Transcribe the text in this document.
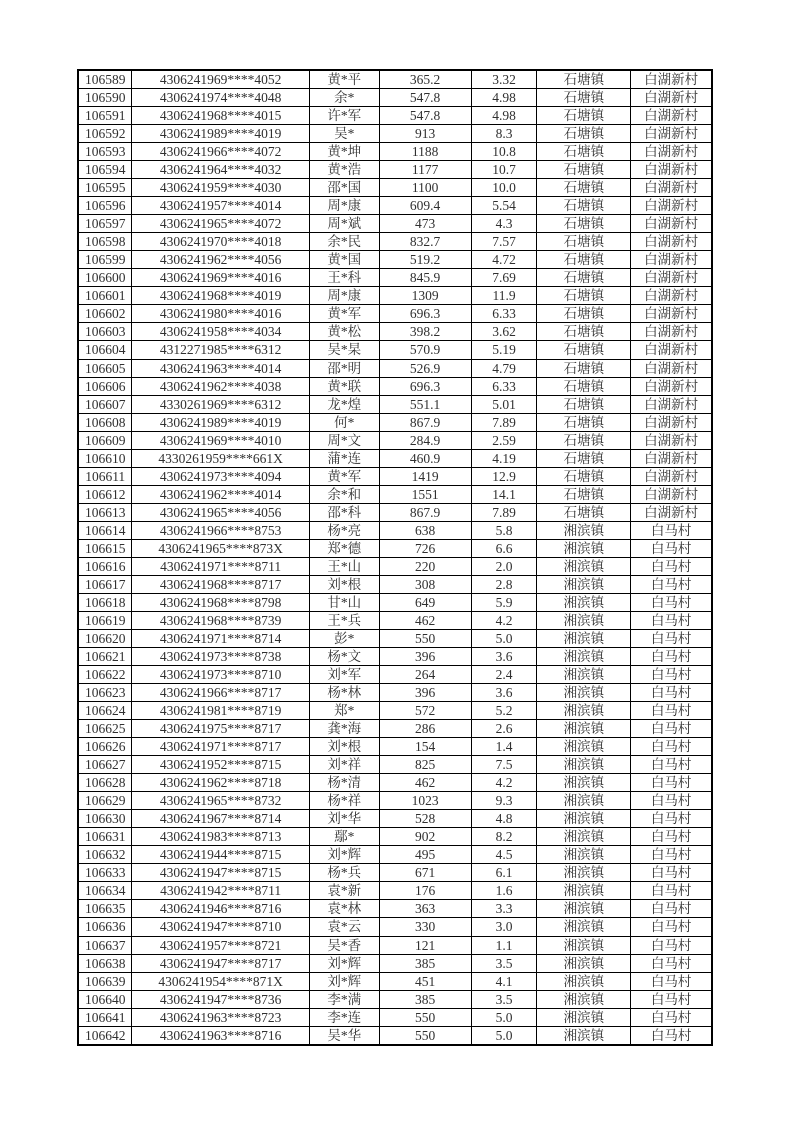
106589	4306241969****4052	黄*平	365.2	3.32	石塘镇	白湖新村
106590	4306241974****4048	余*	547.8	4.98	石塘镇	白湖新村
106591	4306241968****4015	许*军	547.8	4.98	石塘镇	白湖新村
106592	4306241989****4019	吴*	913	8.3	石塘镇	白湖新村
106593	4306241966****4072	黄*坤	1188	10.8	石塘镇	白湖新村
106594	4306241964****4032	黄*浩	1177	10.7	石塘镇	白湖新村
106595	4306241959****4030	邵*国	1100	10.0	石塘镇	白湖新村
106596	4306241957****4014	周*康	609.4	5.54	石塘镇	白湖新村
106597	4306241965****4072	周*斌	473	4.3	石塘镇	白湖新村
106598	4306241970****4018	余*民	832.7	7.57	石塘镇	白湖新村
106599	4306241962****4056	黄*国	519.2	4.72	石塘镇	白湖新村
106600	4306241969****4016	王*科	845.9	7.69	石塘镇	白湖新村
106601	4306241968****4019	周*康	1309	11.9	石塘镇	白湖新村
106602	4306241980****4016	黄*军	696.3	6.33	石塘镇	白湖新村
106603	4306241958****4034	黄*松	398.2	3.62	石塘镇	白湖新村
106604	4312271985****6312	吴*杲	570.9	5.19	石塘镇	白湖新村
106605	4306241963****4014	邵*明	526.9	4.79	石塘镇	白湖新村
106606	4306241962****4038	黄*联	696.3	6.33	石塘镇	白湖新村
106607	4330261969****6312	龙*煌	551.1	5.01	石塘镇	白湖新村
106608	4306241989****4019	何*	867.9	7.89	石塘镇	白湖新村
106609	4306241969****4010	周*文	284.9	2.59	石塘镇	白湖新村
106610	4330261959****661X	蒲*连	460.9	4.19	石塘镇	白湖新村
106611	4306241973****4094	黄*军	1419	12.9	石塘镇	白湖新村
106612	4306241962****4014	余*和	1551	14.1	石塘镇	白湖新村
106613	4306241965****4056	邵*科	867.9	7.89	石塘镇	白湖新村
106614	4306241966****8753	杨*亮	638	5.8	湘滨镇	白马村
106615	4306241965****873X	郑*德	726	6.6	湘滨镇	白马村
106616	4306241971****8711	王*山	220	2.0	湘滨镇	白马村
106617	4306241968****8717	刘*根	308	2.8	湘滨镇	白马村
106618	4306241968****8798	甘*山	649	5.9	湘滨镇	白马村
106619	4306241968****8739	王*兵	462	4.2	湘滨镇	白马村
106620	4306241971****8714	彭*	550	5.0	湘滨镇	白马村
106621	4306241973****8738	杨*文	396	3.6	湘滨镇	白马村
106622	4306241973****8710	刘*军	264	2.4	湘滨镇	白马村
106623	4306241966****8717	杨*林	396	3.6	湘滨镇	白马村
106624	4306241981****8719	郑*	572	5.2	湘滨镇	白马村
106625	4306241975****8717	龚*海	286	2.6	湘滨镇	白马村
106626	4306241971****8717	刘*根	154	1.4	湘滨镇	白马村
106627	4306241952****8715	刘*祥	825	7.5	湘滨镇	白马村
106628	4306241962****8718	杨*清	462	4.2	湘滨镇	白马村
106629	4306241965****8732	杨*祥	1023	9.3	湘滨镇	白马村
106630	4306241967****8714	刘*华	528	4.8	湘滨镇	白马村
106631	4306241983****8713	鄢*	902	8.2	湘滨镇	白马村
106632	4306241944****8715	刘*辉	495	4.5	湘滨镇	白马村
106633	4306241947****8715	杨*兵	671	6.1	湘滨镇	白马村
106634	4306241942****8711	袁*新	176	1.6	湘滨镇	白马村
106635	4306241946****8716	袁*林	363	3.3	湘滨镇	白马村
106636	4306241947****8710	袁*云	330	3.0	湘滨镇	白马村
106637	4306241957****8721	吴*香	121	1.1	湘滨镇	白马村
106638	4306241947****8717	刘*辉	385	3.5	湘滨镇	白马村
106639	4306241954****871X	刘*辉	451	4.1	湘滨镇	白马村
106640	4306241947****8736	李*满	385	3.5	湘滨镇	白马村
106641	4306241963****8723	李*连	550	5.0	湘滨镇	白马村
106642	4306241963****8716	吴*华	550	5.0	湘滨镇	白马村
